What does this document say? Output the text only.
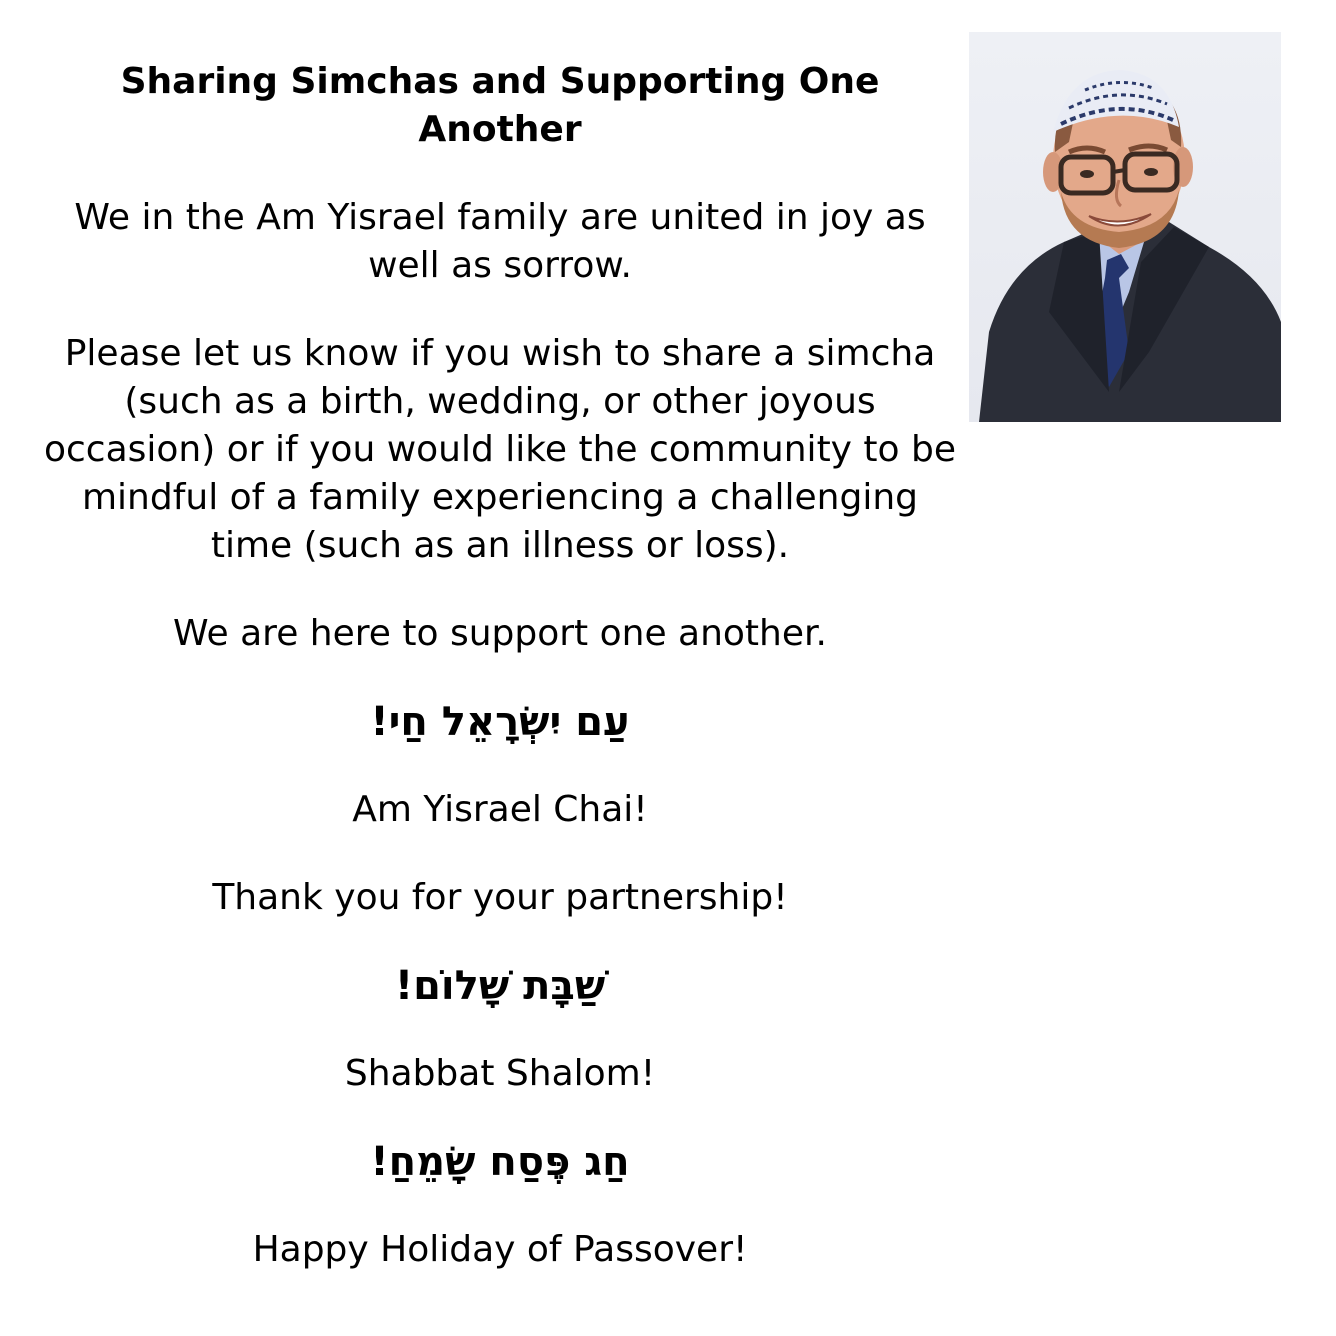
Sharing Simchas and Supporting One Another
We in the Am Yisrael family are united in joy as well as sorrow.
Please let us know if you wish to share a simcha (such as a birth, wedding, or other joyous occasion) or if you would like the community to be mindful of a family experiencing a challenging time (such as an illness or loss).
We are here to support one another.
עַם יִשְׂרָאֵל חַי!
Am Yisrael Chai!
Thank you for your partnership!
שַׁבָּת שָׁלוֹם!
Shabbat Shalom!
חַג פֶּסַח שָׂמֵחַ!
Happy Holiday of Passover!
